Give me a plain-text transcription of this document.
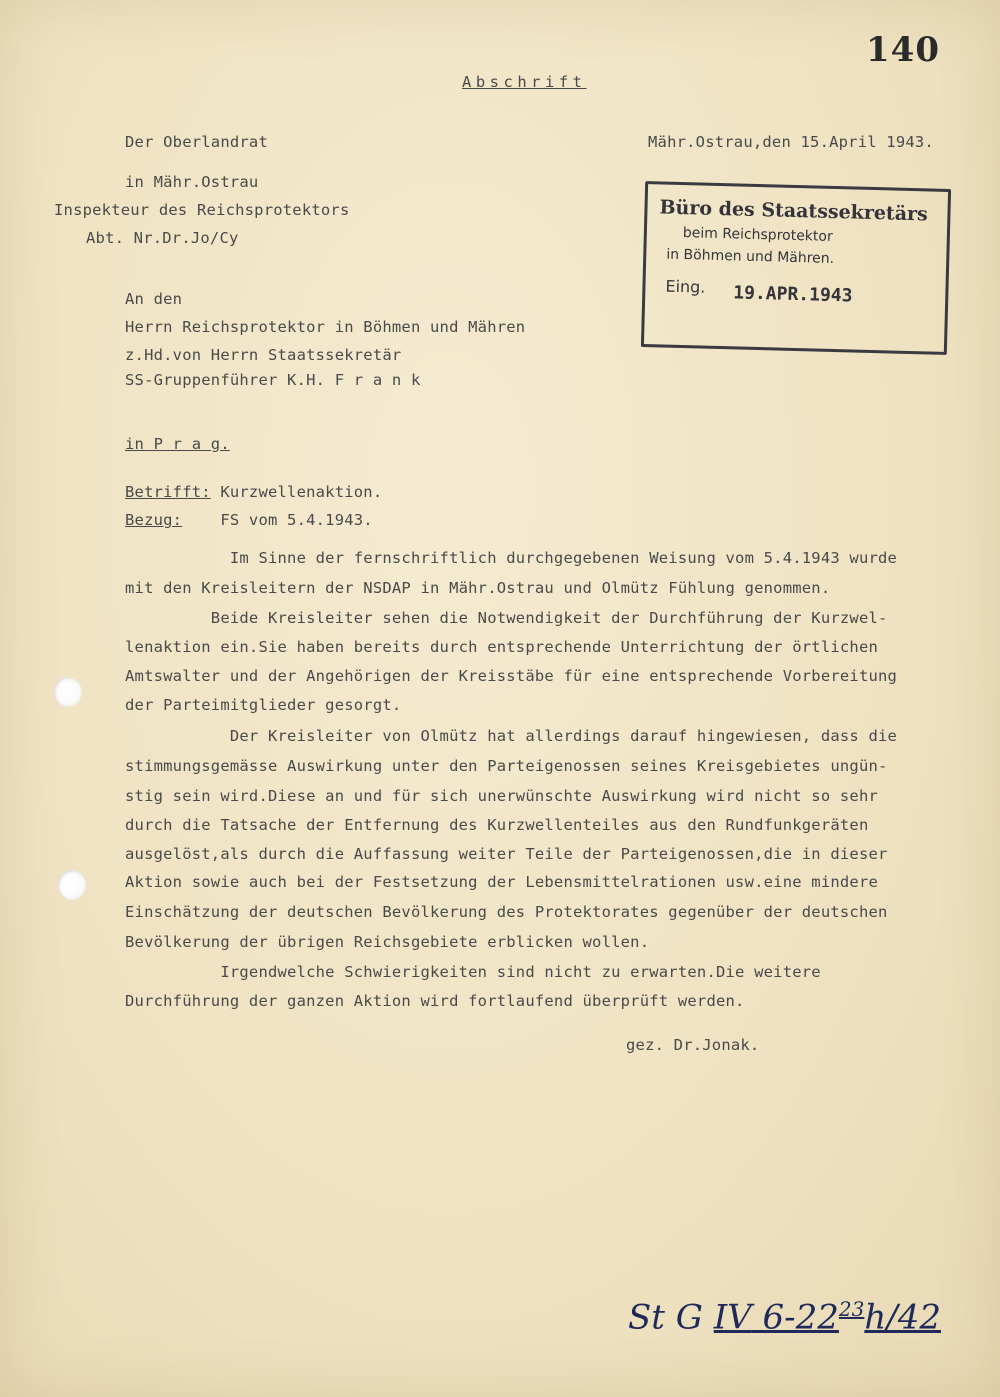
140
Abschrift
Der Oberlandrat
in Mähr.Ostrau
Inspekteur des Reichsprotektors
Abt. Nr.Dr.Jo/Cy
Mähr.Ostrau,den 15.April 1943.
Büro des Staatssekretärs
beim Reichsprotektor
in Böhmen und Mähren.
Eing. 19.APR.1943
An den
Herrn Reichsprotektor in Böhmen und Mähren
z.Hd.von Herrn Staatssekretär
SS-Gruppenführer K.H. F r a n k
in P r a g.
Betrifft: Kurzwellenaktion.
Bezug:    FS vom 5.4.1943.
Im Sinne der fernschriftlich durchgegebenen Weisung vom 5.4.1943 wurde
mit den Kreisleitern der NSDAP in Mähr.Ostrau und Olmütz Fühlung genommen.
Beide Kreisleiter sehen die Notwendigkeit der Durchführung der Kurzwel-
lenaktion ein.Sie haben bereits durch entsprechende Unterrichtung der örtlichen
Amtswalter und der Angehörigen der Kreisstäbe für eine entsprechende Vorbereitung
der Parteimitglieder gesorgt.
Der Kreisleiter von Olmütz hat allerdings darauf hingewiesen, dass die
stimmungsgemässe Auswirkung unter den Parteigenossen seines Kreisgebietes ungün-
stig sein wird.Diese an und für sich unerwünschte Auswirkung wird nicht so sehr
durch die Tatsache der Entfernung des Kurzwellenteiles aus den Rundfunkgeräten
ausgelöst,als durch die Auffassung weiter Teile der Parteigenossen,die in dieser
Aktion sowie auch bei der Festsetzung der Lebensmittelrationen usw.eine mindere
Einschätzung der deutschen Bevölkerung des Protektorates gegenüber der deutschen
Bevölkerung der übrigen Reichsgebiete erblicken wollen.
Irgendwelche Schwierigkeiten sind nicht zu erwarten.Die weitere
Durchführung der ganzen Aktion wird fortlaufend überprüft werden.
gez. Dr.Jonak.
St G IV $6-22^{23}h/42$
